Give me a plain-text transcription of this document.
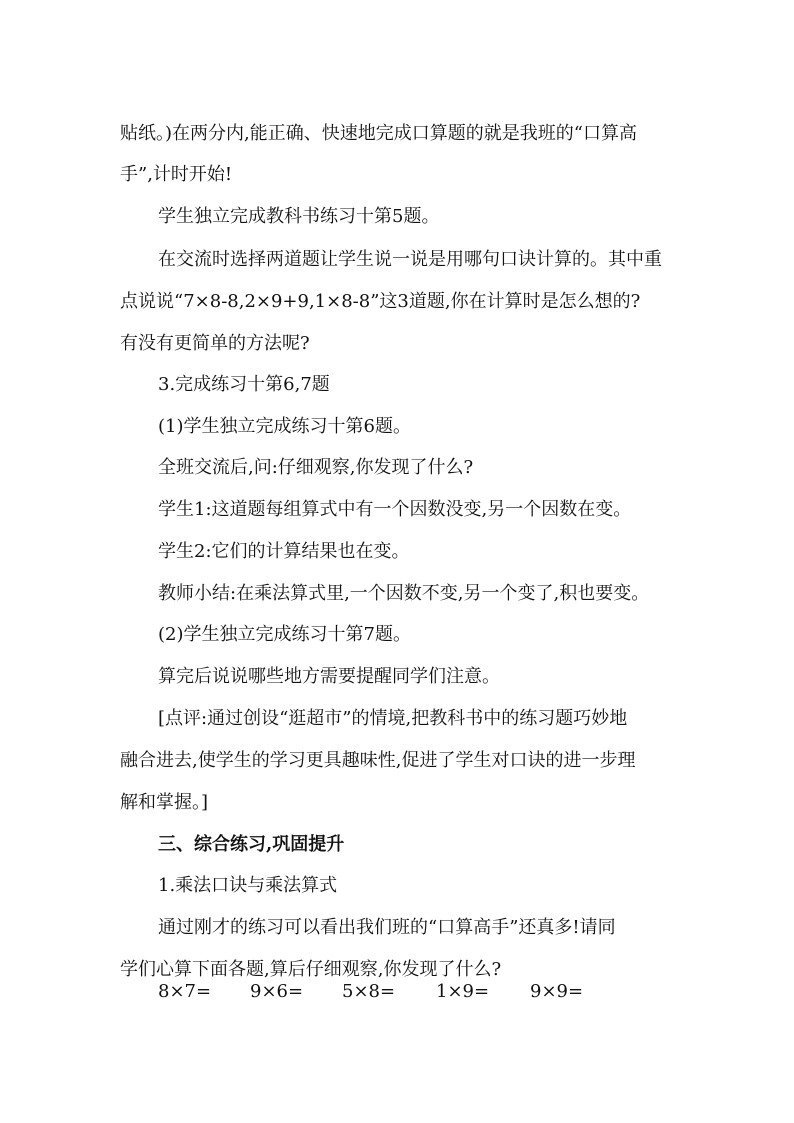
贴纸。)在两分内,能正确、快速地完成口算题的就是我班的“口算高

手”,计时开始!

学生独立完成教科书练习十第5题。

在交流时选择两道题让学生说一说是用哪句口诀计算的。其中重

点说说“7×8-8,2×9+9,1×8-8”这3道题,你在计算时是怎么想的?

有没有更简单的方法呢?

3.完成练习十第6,7题

(1)学生独立完成练习十第6题。

全班交流后,问:仔细观察,你发现了什么?

学生1:这道题每组算式中有一个因数没变,另一个因数在变。

学生2:它们的计算结果也在变。

教师小结:在乘法算式里,一个因数不变,另一个变了,积也要变。

(2)学生独立完成练习十第7题。

算完后说说哪些地方需要提醒同学们注意。

[点评:通过创设“逛超市”的情境,把教科书中的练习题巧妙地

融合进去,使学生的学习更具趣味性,促进了学生对口诀的进一步理

解和掌握。]

三、综合练习,巩固提升

1.乘法口诀与乘法算式

通过刚才的练习可以看出我们班的“口算高手”还真多!请同

学们心算下面各题,算后仔细观察,你发现了什么?

8×7= 9×6= 5×8= 1×9= 9×9=
